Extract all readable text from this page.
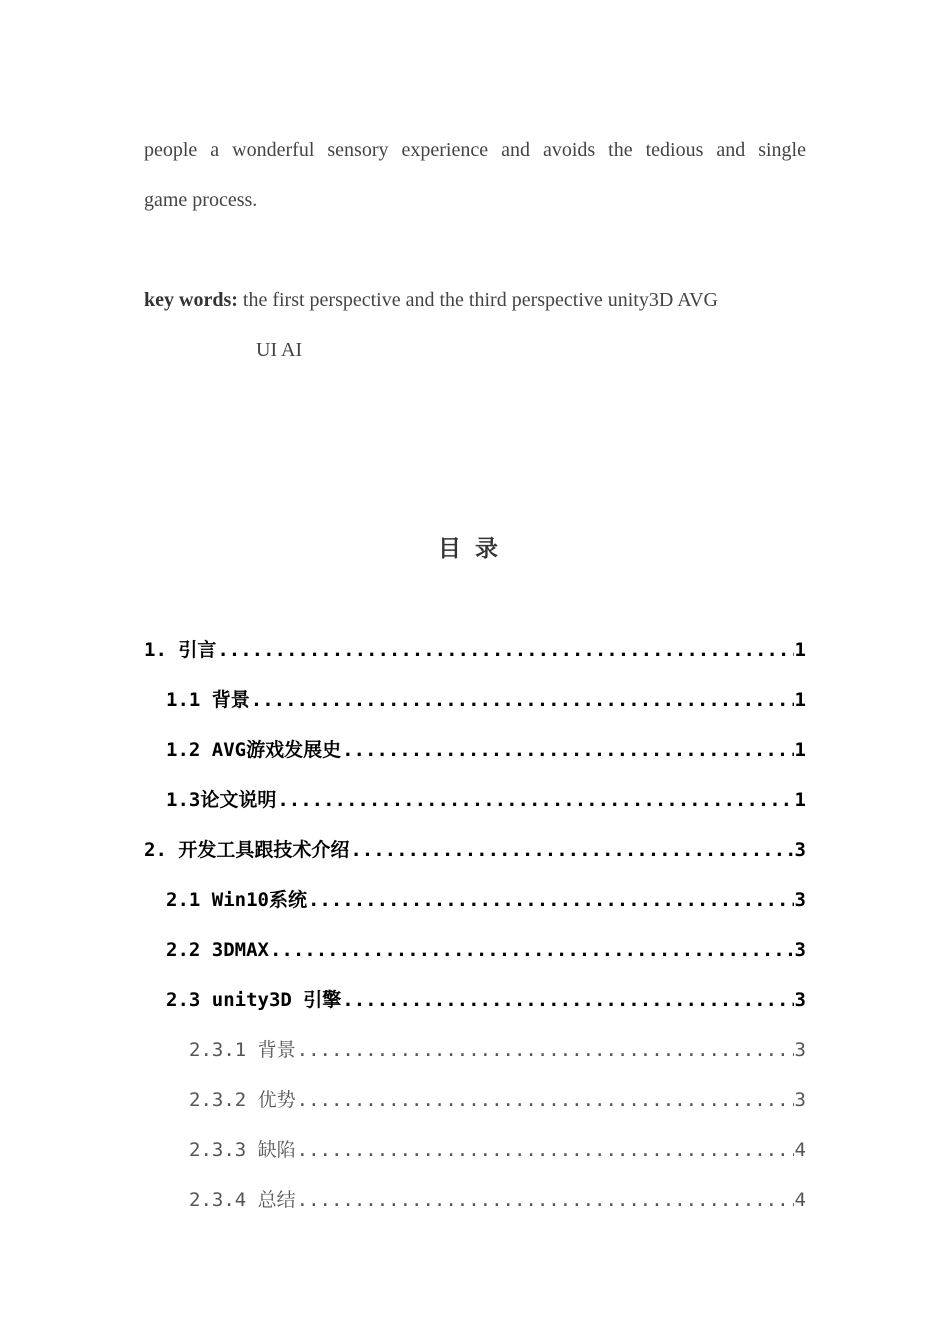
people a wonderful sensory experience and avoids the tedious and single
game process.
key words: the first perspective and the third perspective unity3D AVG
UI AI
目录
1. 引言 .....	1
1.1 背景 .....	1
1.2 AVG游戏发展史 .....	1
1.3论文说明 .....	1
2. 开发工具跟技术介绍 .....	3
2.1 Win10系统 .....	3
2.2 3DMAX .....	3
2.3 unity3D 引擎 .....	3
2.3.1 背景 .....	3
2.3.2 优势 .....	3
2.3.3 缺陷 .....	4
2.3.4 总结 .....	4
